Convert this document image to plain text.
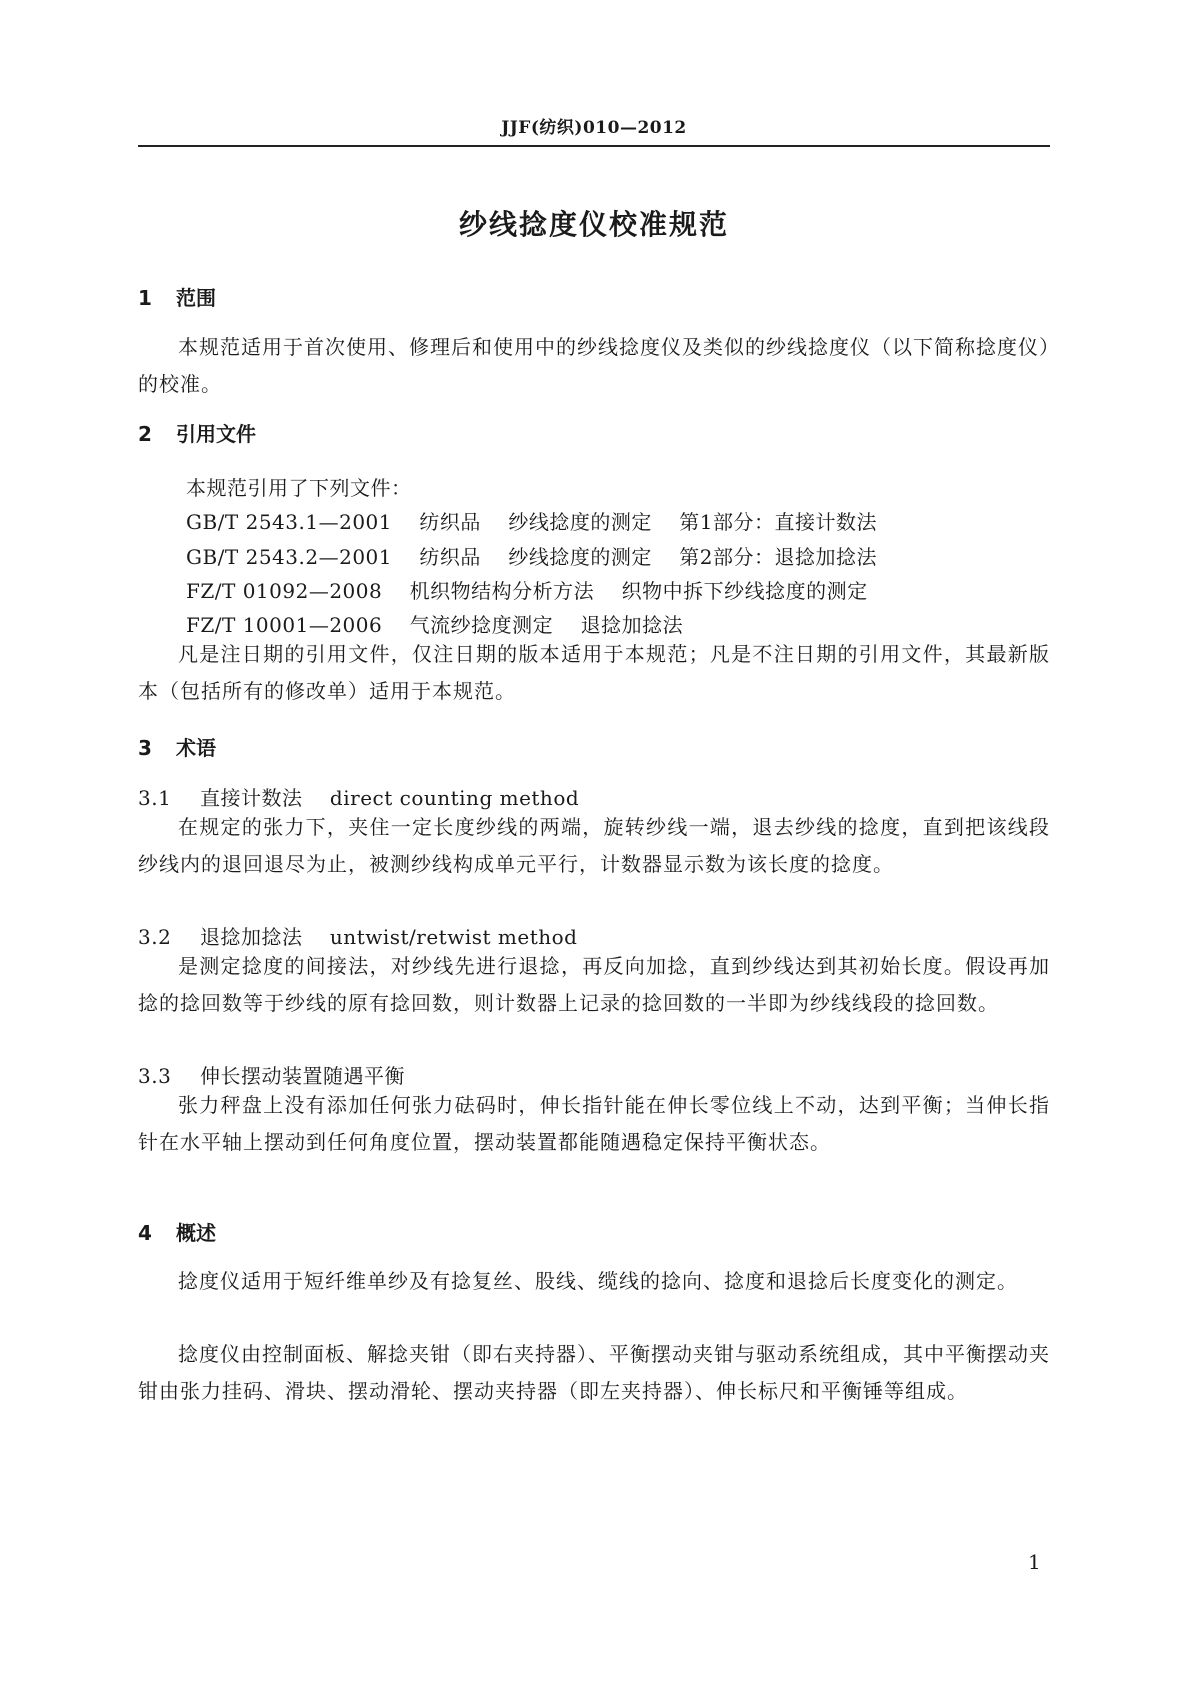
JJF(纺织)010—2012
纱线捻度仪校准规范
1 范围
本规范适用于首次使用、修理后和使用中的纱线捻度仪及类似的纱线捻度仪（以下简称捻度仪）的校准。
2 引用文件
本规范引用了下列文件：
GB/T 2543.1—2001    纺织品    纱线捻度的测定    第1部分：直接计数法
GB/T 2543.2—2001    纺织品    纱线捻度的测定    第2部分：退捻加捻法
FZ/T 01092—2008    机织物结构分析方法    织物中拆下纱线捻度的测定
FZ/T 10001—2006    气流纱捻度测定    退捻加捻法
凡是注日期的引用文件，仅注日期的版本适用于本规范；凡是不注日期的引用文件，其最新版本（包括所有的修改单）适用于本规范。
3 术语
3.1 直接计数法    direct counting method
在规定的张力下，夹住一定长度纱线的两端，旋转纱线一端，退去纱线的捻度，直到把该线段纱线内的退回退尽为止，被测纱线构成单元平行，计数器显示数为该长度的捻度。
3.2 退捻加捻法    untwist/retwist method
是测定捻度的间接法，对纱线先进行退捻，再反向加捻，直到纱线达到其初始长度。假设再加捻的捻回数等于纱线的原有捻回数，则计数器上记录的捻回数的一半即为纱线线段的捻回数。
3.3 伸长摆动装置随遇平衡
张力秤盘上没有添加任何张力砝码时，伸长指针能在伸长零位线上不动，达到平衡；当伸长指针在水平轴上摆动到任何角度位置，摆动装置都能随遇稳定保持平衡状态。
4 概述
捻度仪适用于短纤维单纱及有捻复丝、股线、缆线的捻向、捻度和退捻后长度变化的测定。
捻度仪由控制面板、解捻夹钳（即右夹持器）、平衡摆动夹钳与驱动系统组成，其中平衡摆动夹钳由张力挂码、滑块、摆动滑轮、摆动夹持器（即左夹持器）、伸长标尺和平衡锤等组成。
1
